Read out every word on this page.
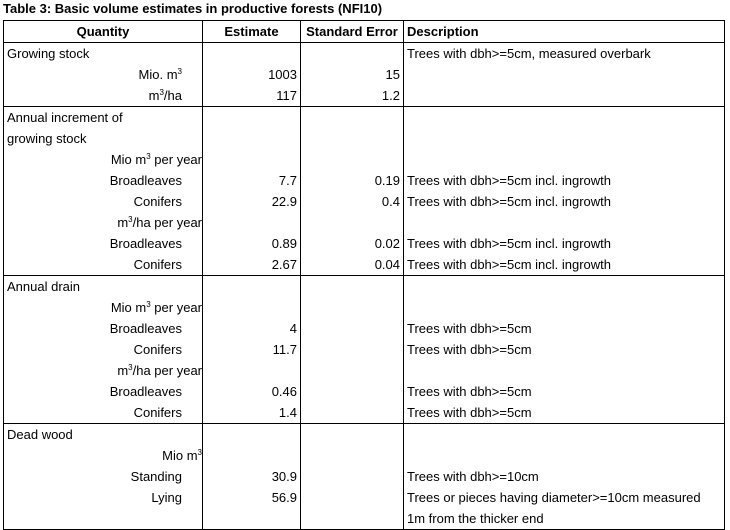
Table 3: Basic volume estimates in productive forests (NFI10)
Quantity	Estimate	Standard Error	Description
Growing stock			Trees with dbh>=5cm, measured overbark
Mio. $m^3$	1003	15	
$m^3/ha$	117	1.2	
Annual increment of			
growing stock			
Mio $m^3$ per year			
Broadleaves	7.7	0.19	Trees with dbh>=5cm incl. ingrowth
Conifers	22.9	0.4	Trees with dbh>=5cm incl. ingrowth
$m^3/ha$ per year			
Broadleaves	0.89	0.02	Trees with dbh>=5cm incl. ingrowth
Conifers	2.67	0.04	Trees with dbh>=5cm incl. ingrowth
Annual drain			
Mio $m^3$ per year			
Broadleaves	4		Trees with dbh>=5cm
Conifers	11.7		Trees with dbh>=5cm
$m^3/ha$ per year			
Broadleaves	0.46		Trees with dbh>=5cm
Conifers	1.4		Trees with dbh>=5cm
Dead wood			
Mio $m^3$			
Standing	30.9		Trees with dbh>=10cm
Lying	56.9		Trees or pieces having diameter>=10cm measured
			1m from the thicker end
